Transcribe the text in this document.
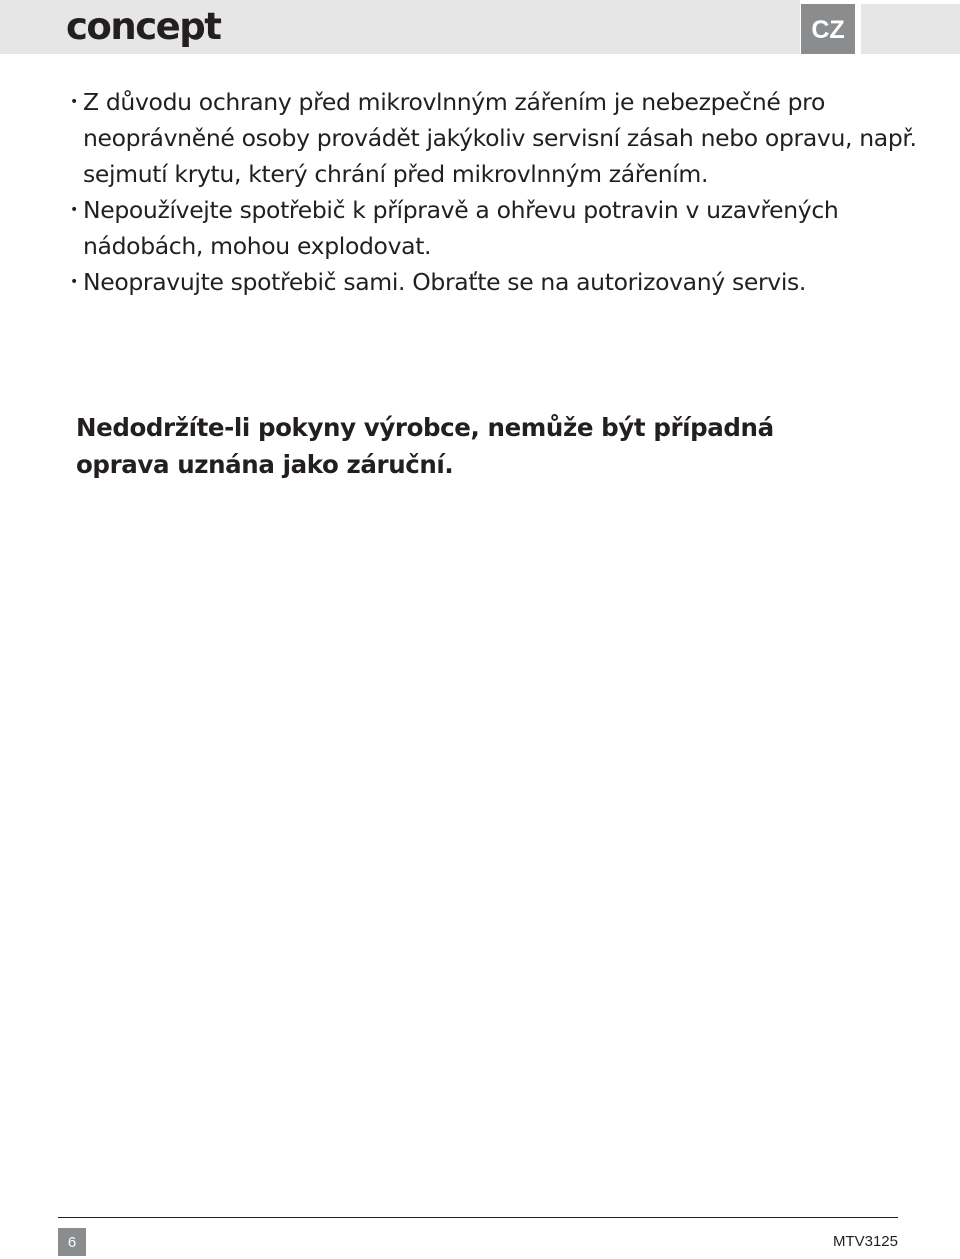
concept	CZ
• Z důvodu ochrany před mikrovlnným zářením je nebezpečné pro neoprávněné osoby provádět jakýkoliv servisní zásah nebo opravu, např. sejmutí krytu, který chrání před mikrovlnným zářením.
• Nepoužívejte spotřebič k přípravě a ohřevu potravin v uzavřených nádobách, mohou explodovat.
• Neopravujte spotřebič sami. Obraťte se na autorizovaný servis.

Nedodržíte-li pokyny výrobce, nemůže být případná oprava uznána jako záruční.

6	MTV3125
